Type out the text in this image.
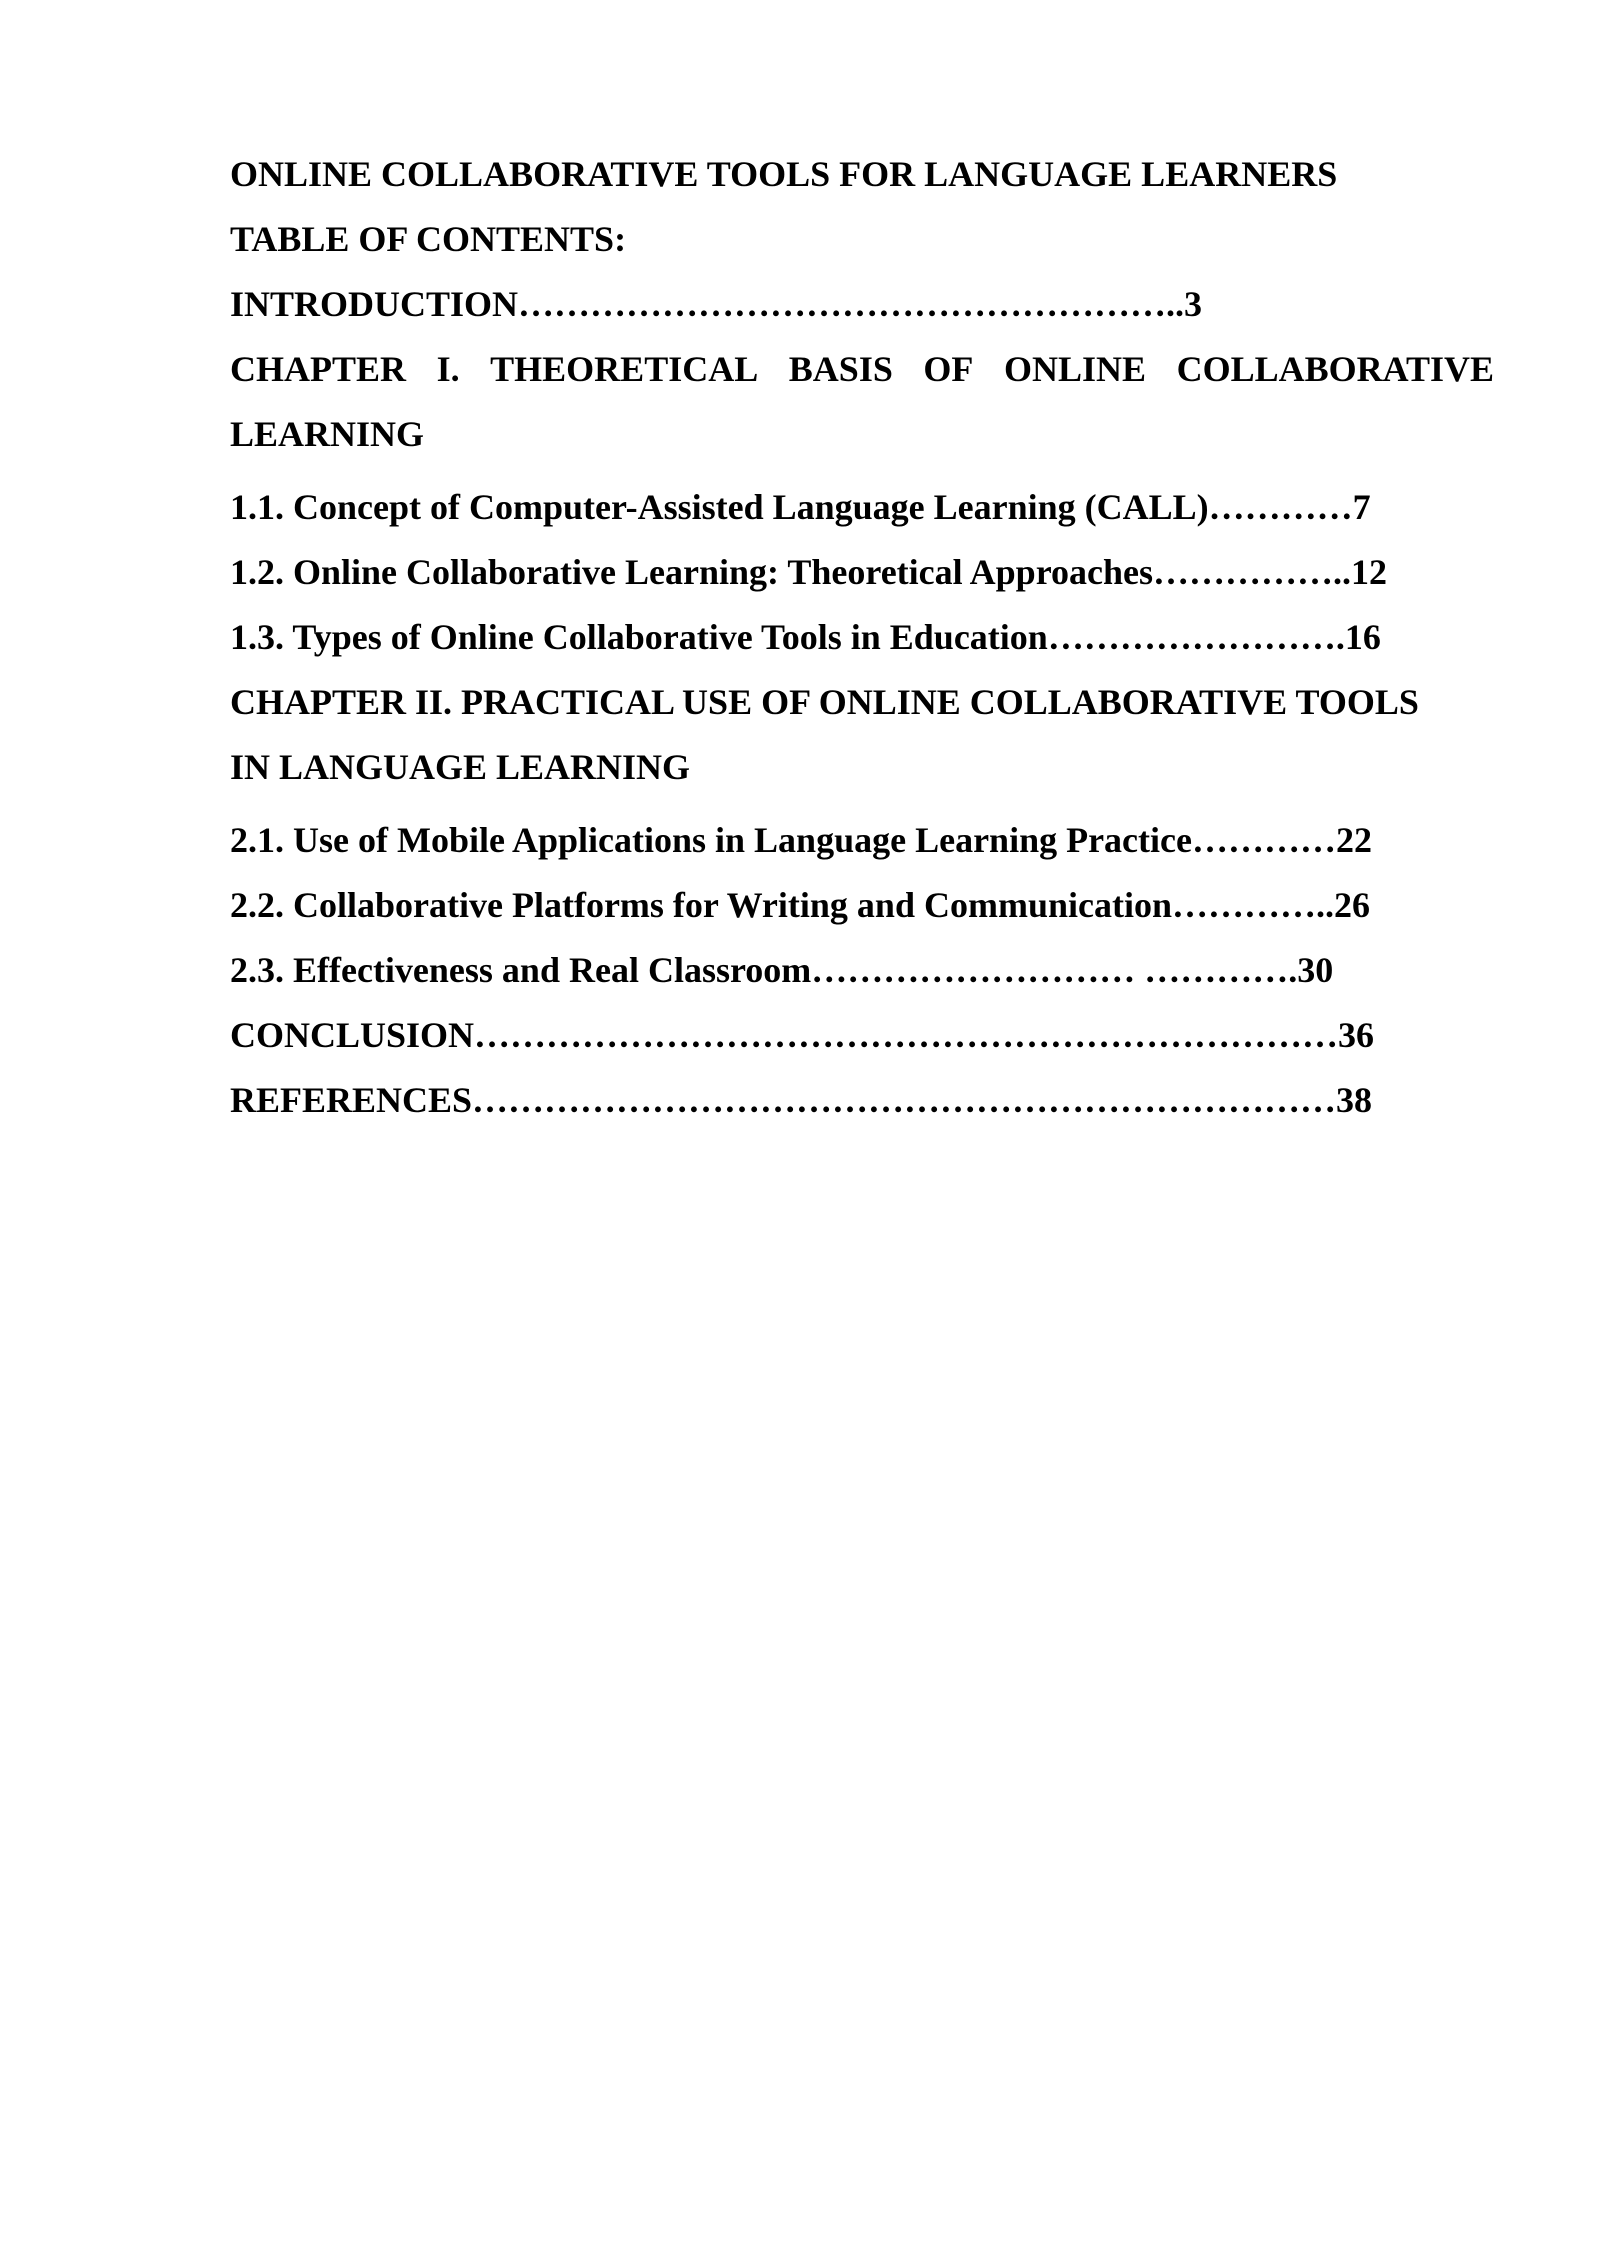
ONLINE COLLABORATIVE TOOLS FOR LANGUAGE LEARNERS

TABLE OF CONTENTS:

INTRODUCTION………………………………………………..3

CHAPTER I. THEORETICAL BASIS OF ONLINE COLLABORATIVE

LEARNING

1.1. Concept of Computer-Assisted Language Learning (CALL)…………7

1.2. Online Collaborative Learning: Theoretical Approaches……………..12

1.3. Types of Online Collaborative Tools in Education…………………….16

CHAPTER II. PRACTICAL USE OF ONLINE COLLABORATIVE TOOLS

IN LANGUAGE LEARNING

2.1. Use of Mobile Applications in Language Learning Practice…………22

2.2. Collaborative Platforms for Writing and Communication…………..26

2.3. Effectiveness and Real Classroom……………………… ………….30

CONCLUSION………………………………………………………………36

REFERENCES………………………………………………………………38
